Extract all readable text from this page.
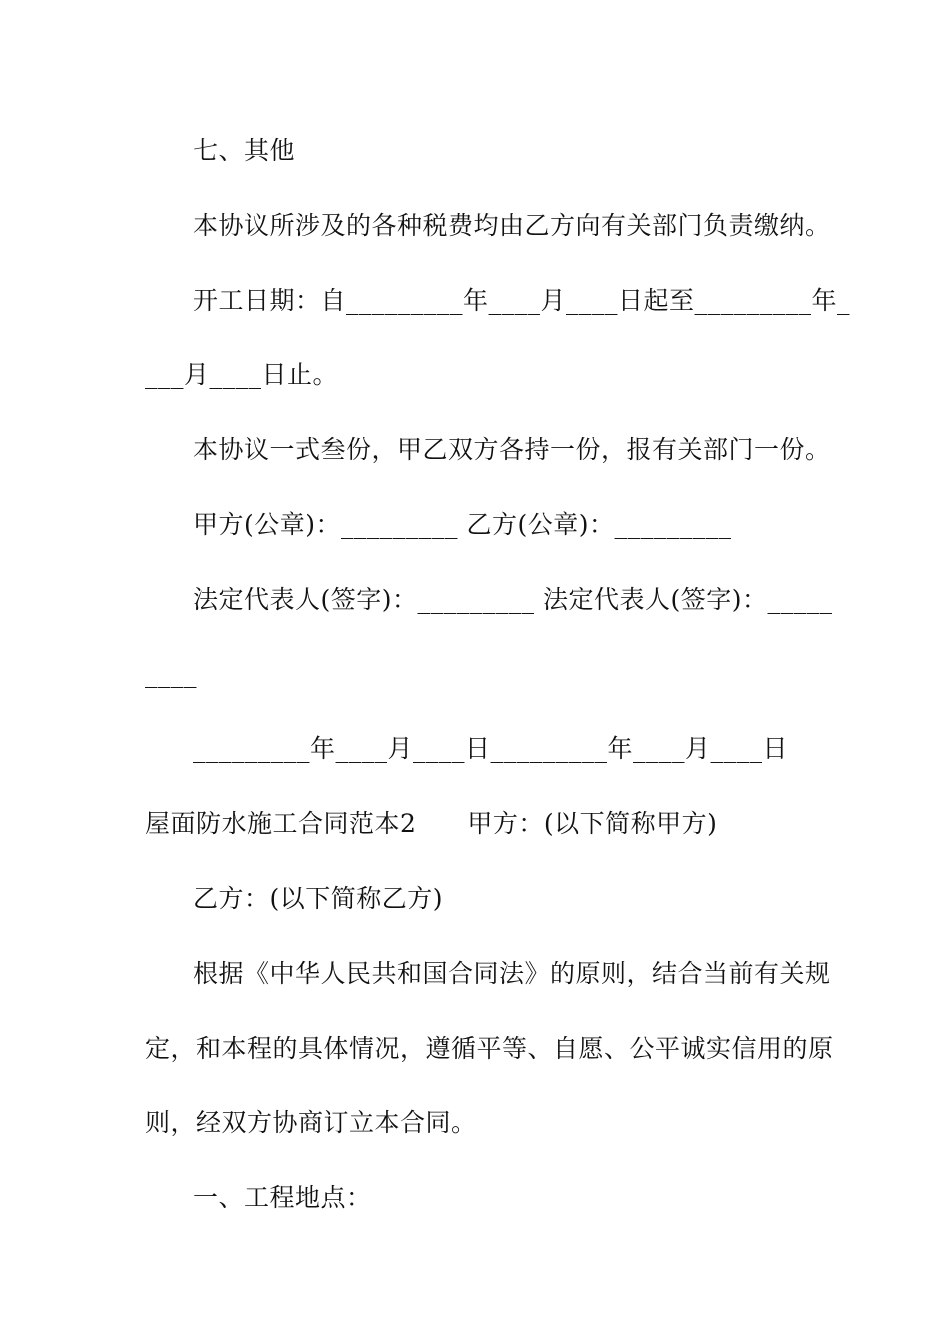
七、其他
本协议所涉及的各种税费均由乙方向有关部门负责缴纳。
开工日期：自_________年____月____日起至_________年_
___月____日止。
本协议一式叁份，甲乙双方各持一份，报有关部门一份。
甲方(公章)：_________ 乙方(公章)：_________
法定代表人(签字)：_________ 法定代表人(签字)：_____
____
_________年____月____日_________年____月____日
屋面防水施工合同范本2　　甲方：(以下简称甲方)
乙方：(以下简称乙方)
根据《中华人民共和国合同法》的原则，结合当前有关规
定，和本程的具体情况，遵循平等、自愿、公平诚实信用的原
则，经双方协商订立本合同。
一、工程地点：
